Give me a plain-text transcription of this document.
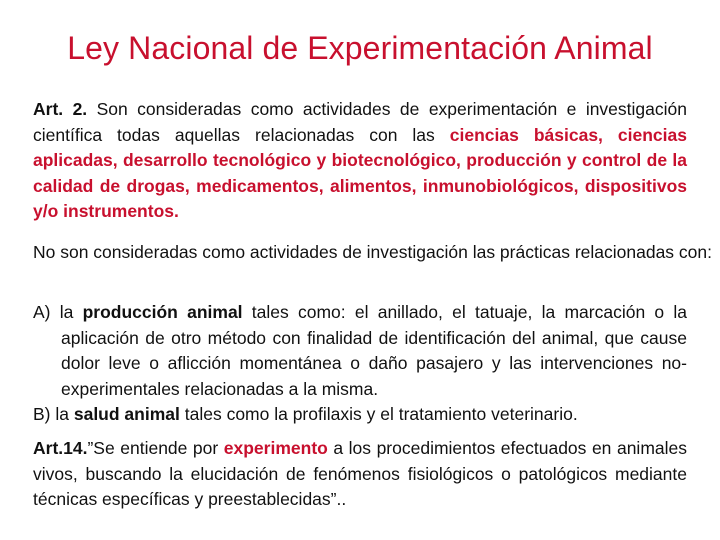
Ley Nacional de Experimentación Animal
Art. 2. Son consideradas como actividades de experimentación e investigación científica todas aquellas relacionadas con las ciencias básicas, ciencias aplicadas, desarrollo tecnológico y biotecnológico, producción y control de la calidad de drogas, medicamentos, alimentos, inmunobiológicos, dispositivos y/o instrumentos.
No son consideradas como actividades de investigación las prácticas relacionadas con:
A) la producción animal tales como: el anillado, el tatuaje, la marcación o la aplicación de otro método con finalidad de identificación del animal, que cause dolor leve o aflicción momentánea o daño pasajero y las intervenciones no-experimentales relacionadas a la misma.
B) la salud animal tales como la profilaxis y el tratamiento veterinario.
Art.14.”Se entiende por experimento a los procedimientos efectuados en animales vivos, buscando la elucidación de fenómenos fisiológicos o patológicos mediante técnicas específicas y preestablecidas”..
